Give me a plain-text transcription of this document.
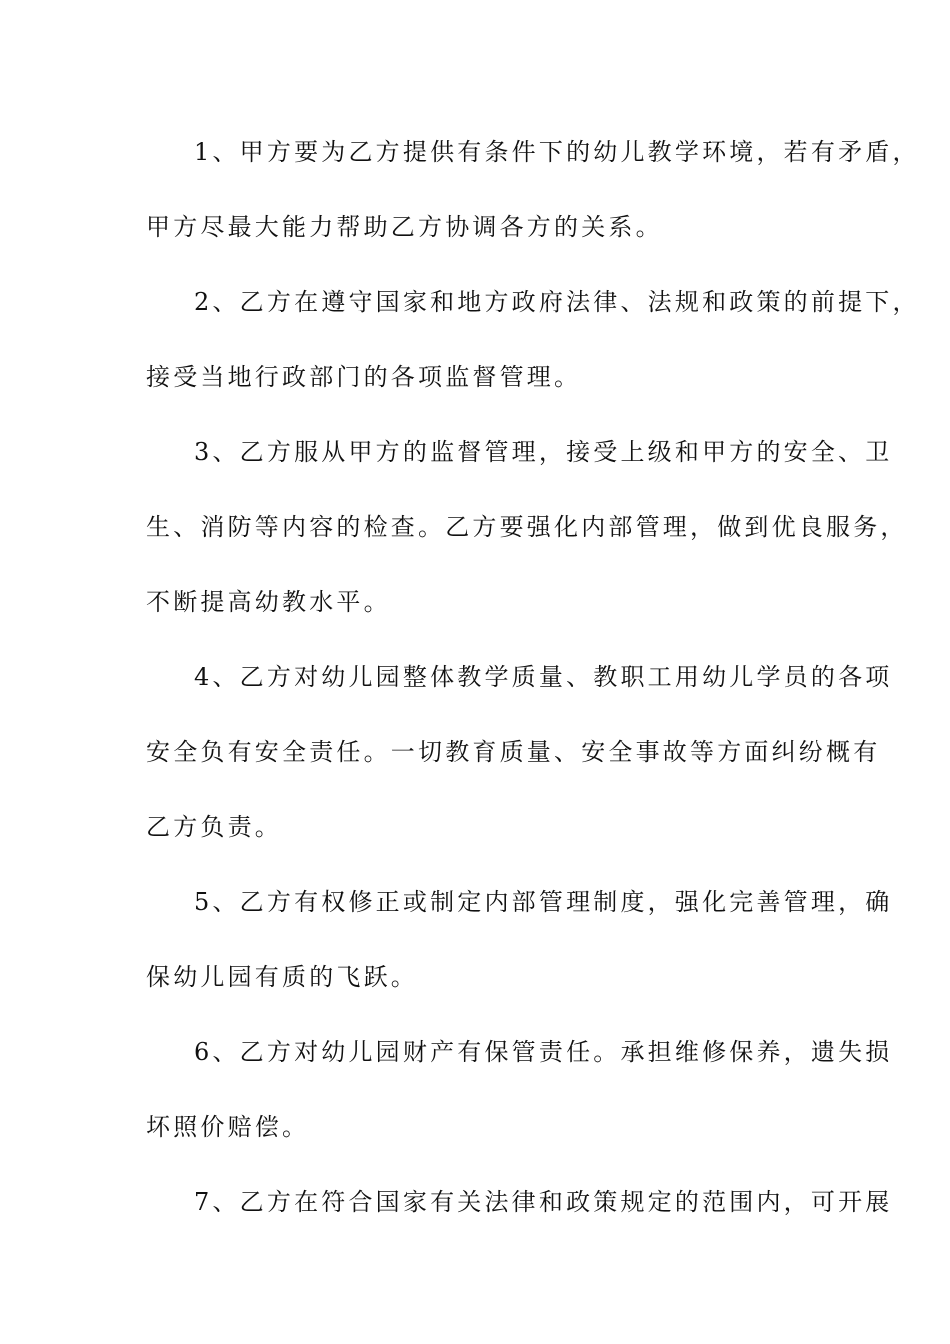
1、甲方要为乙方提供有条件下的幼儿教学环境，若有矛盾，
甲方尽最大能力帮助乙方协调各方的关系。
2、乙方在遵守国家和地方政府法律、法规和政策的前提下，
接受当地行政部门的各项监督管理。
3、乙方服从甲方的监督管理，接受上级和甲方的安全、卫
生、消防等内容的检查。乙方要强化内部管理，做到优良服务，
不断提高幼教水平。
4、乙方对幼儿园整体教学质量、教职工用幼儿学员的各项
安全负有安全责任。一切教育质量、安全事故等方面纠纷概有
乙方负责。
5、乙方有权修正或制定内部管理制度，强化完善管理，确
保幼儿园有质的飞跃。
6、乙方对幼儿园财产有保管责任。承担维修保养，遗失损
坏照价赔偿。
7、乙方在符合国家有关法律和政策规定的范围内，可开展
